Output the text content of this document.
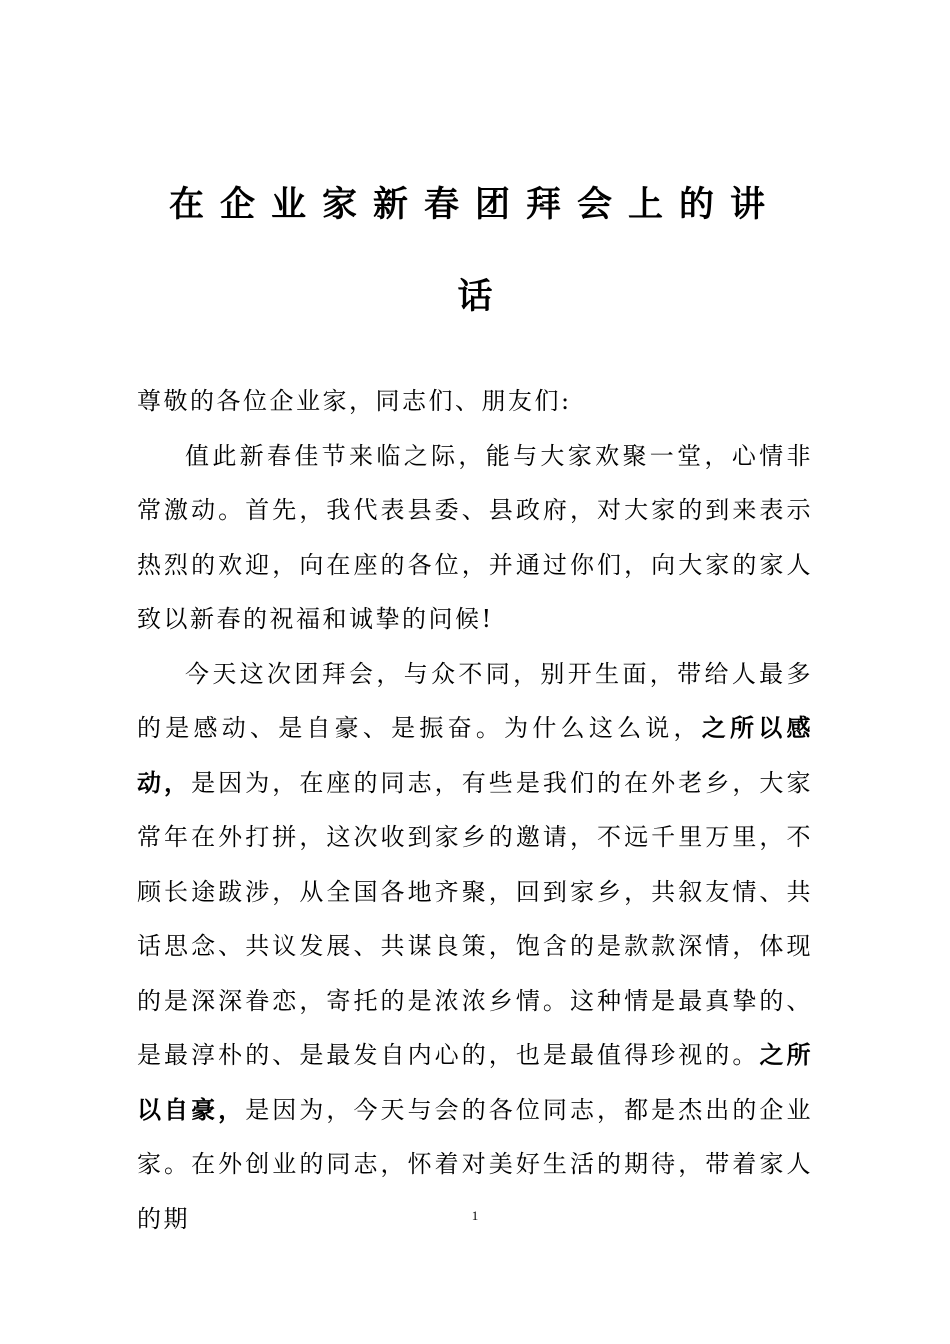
在企业家新春团拜会上的讲
话

尊敬的各位企业家，同志们、朋友们:

值此新春佳节来临之际，能与大家欢聚一堂，心情非常激动。首先，我代表县委、县政府，对大家的到来表示热烈的欢迎，向在座的各位，并通过你们，向大家的家人致以新春的祝福和诚挚的问候!

今天这次团拜会，与众不同，别开生面，带给人最多的是感动、是自豪、是振奋。为什么这么说，之所以感动，是因为，在座的同志，有些是我们的在外老乡，大家常年在外打拼，这次收到家乡的邀请，不远千里万里，不顾长途跋涉，从全国各地齐聚，回到家乡，共叙友情、共话思念、共议发展、共谋良策，饱含的是款款深情，体现的是深深眷恋，寄托的是浓浓乡情。这种情是最真挚的、是最淳朴的、是最发自内心的，也是最值得珍视的。之所以自豪，是因为，今天与会的各位同志，都是杰出的企业家。在外创业的同志，怀着对美好生活的期待，带着家人的期	1
